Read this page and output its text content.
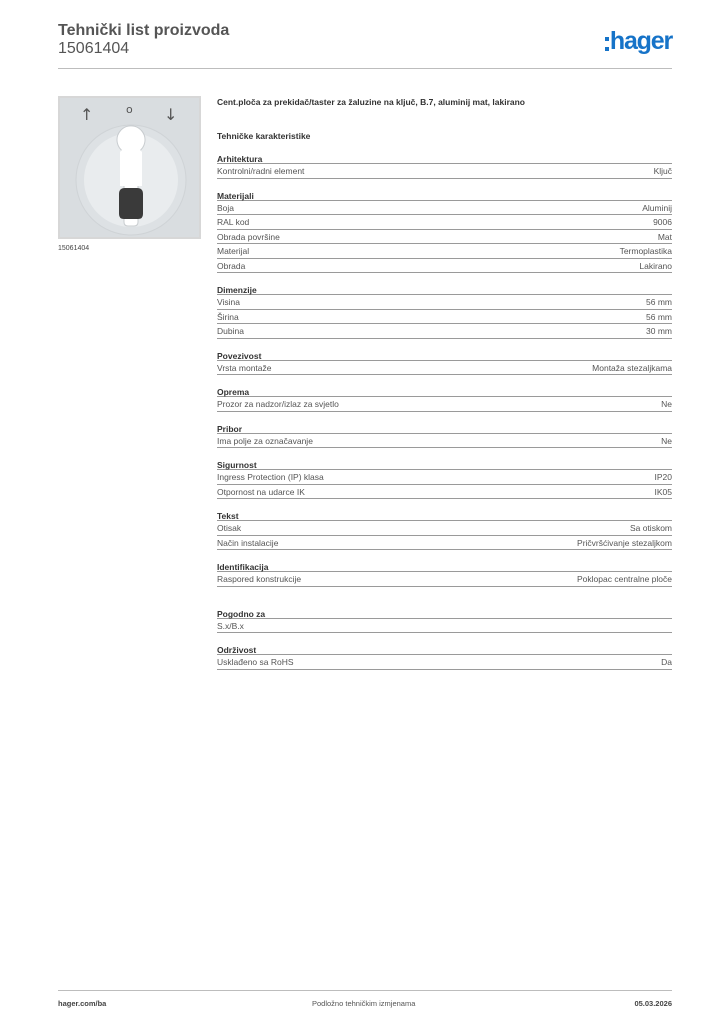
Tehnički list proizvoda
15061404	hager
↑	o ↓
15061404
Cent.ploča za prekidač/taster za žaluzine na ključ, B.7, aluminij mat, lakirano
Tehničke karakteristike
Arhitektura
Kontrolni/radni element	Ključ
Materijali
Boja	Aluminij
RAL kod	9006
Obrada površine	Mat
Materijal	Termoplastika
Obrada	Lakirano
Dimenzije
Visina	56 mm
Širina	56 mm
Dubina	30 mm
Povezivost
Vrsta montaže	Montaža stezaljkama
Oprema
Prozor za nadzor/izlaz za svjetlo	Ne
Pribor
Ima polje za označavanje	Ne
Sigurnost
Ingress Protection (IP) klasa	IP20
Otpornost na udarce IK	IK05
Tekst
Otisak	Sa otiskom
Način instalacije	Pričvršćivanje stezaljkom
Identifikacija
Raspored konstrukcije	Poklopac centralne ploče
Pogodno za
S.x/B.x
Održivost
Usklađeno sa RoHS	Da
hager.com/ba	Podložno tehničkim izmjenama	05.03.2026
